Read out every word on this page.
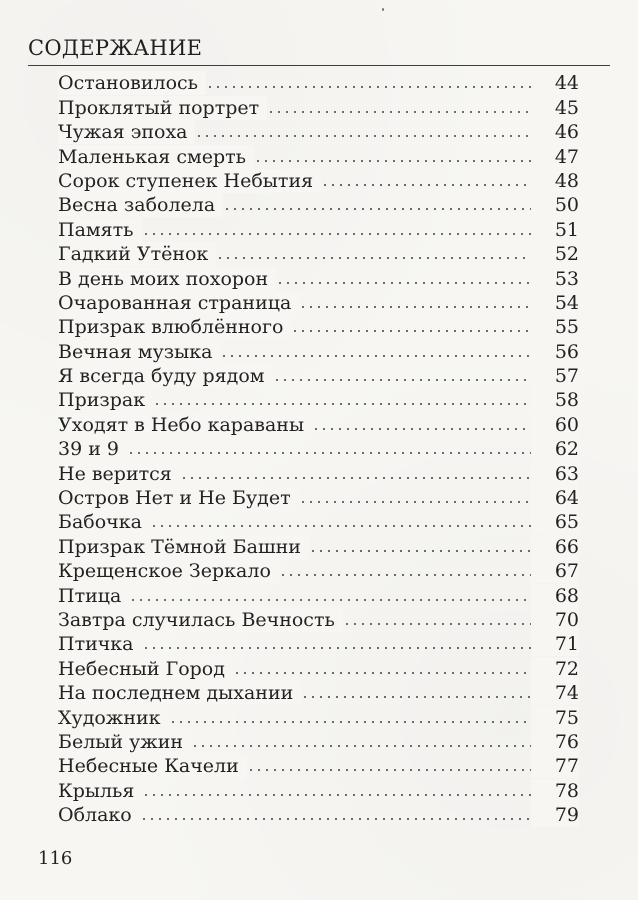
СОДЕРЖАНИЕ
Остановилось	44
Проклятый портрет	45
Чужая эпоха	46
Маленькая смерть	47
Сорок ступенек Небытия	48
Весна заболела	50
Память	51
Гадкий Утёнок	52
В день моих похорон	53
Очарованная страница	54
Призрак влюблённого	55
Вечная музыка	56
Я всегда буду рядом	57
Призрак	58
Уходят в Небо караваны	60
39 и 9	62
Не верится	63
Остров Нет и Не Будет	64
Бабочка	65
Призрак Тёмной Башни	66
Крещенское Зеркало	67
Птица	68
Завтра случилась Вечность	70
Птичка	71
Небесный Город	72
На последнем дыхании	74
Художник	75
Белый ужин	76
Небесные Качели	77
Крылья	78
Облако	79
116
